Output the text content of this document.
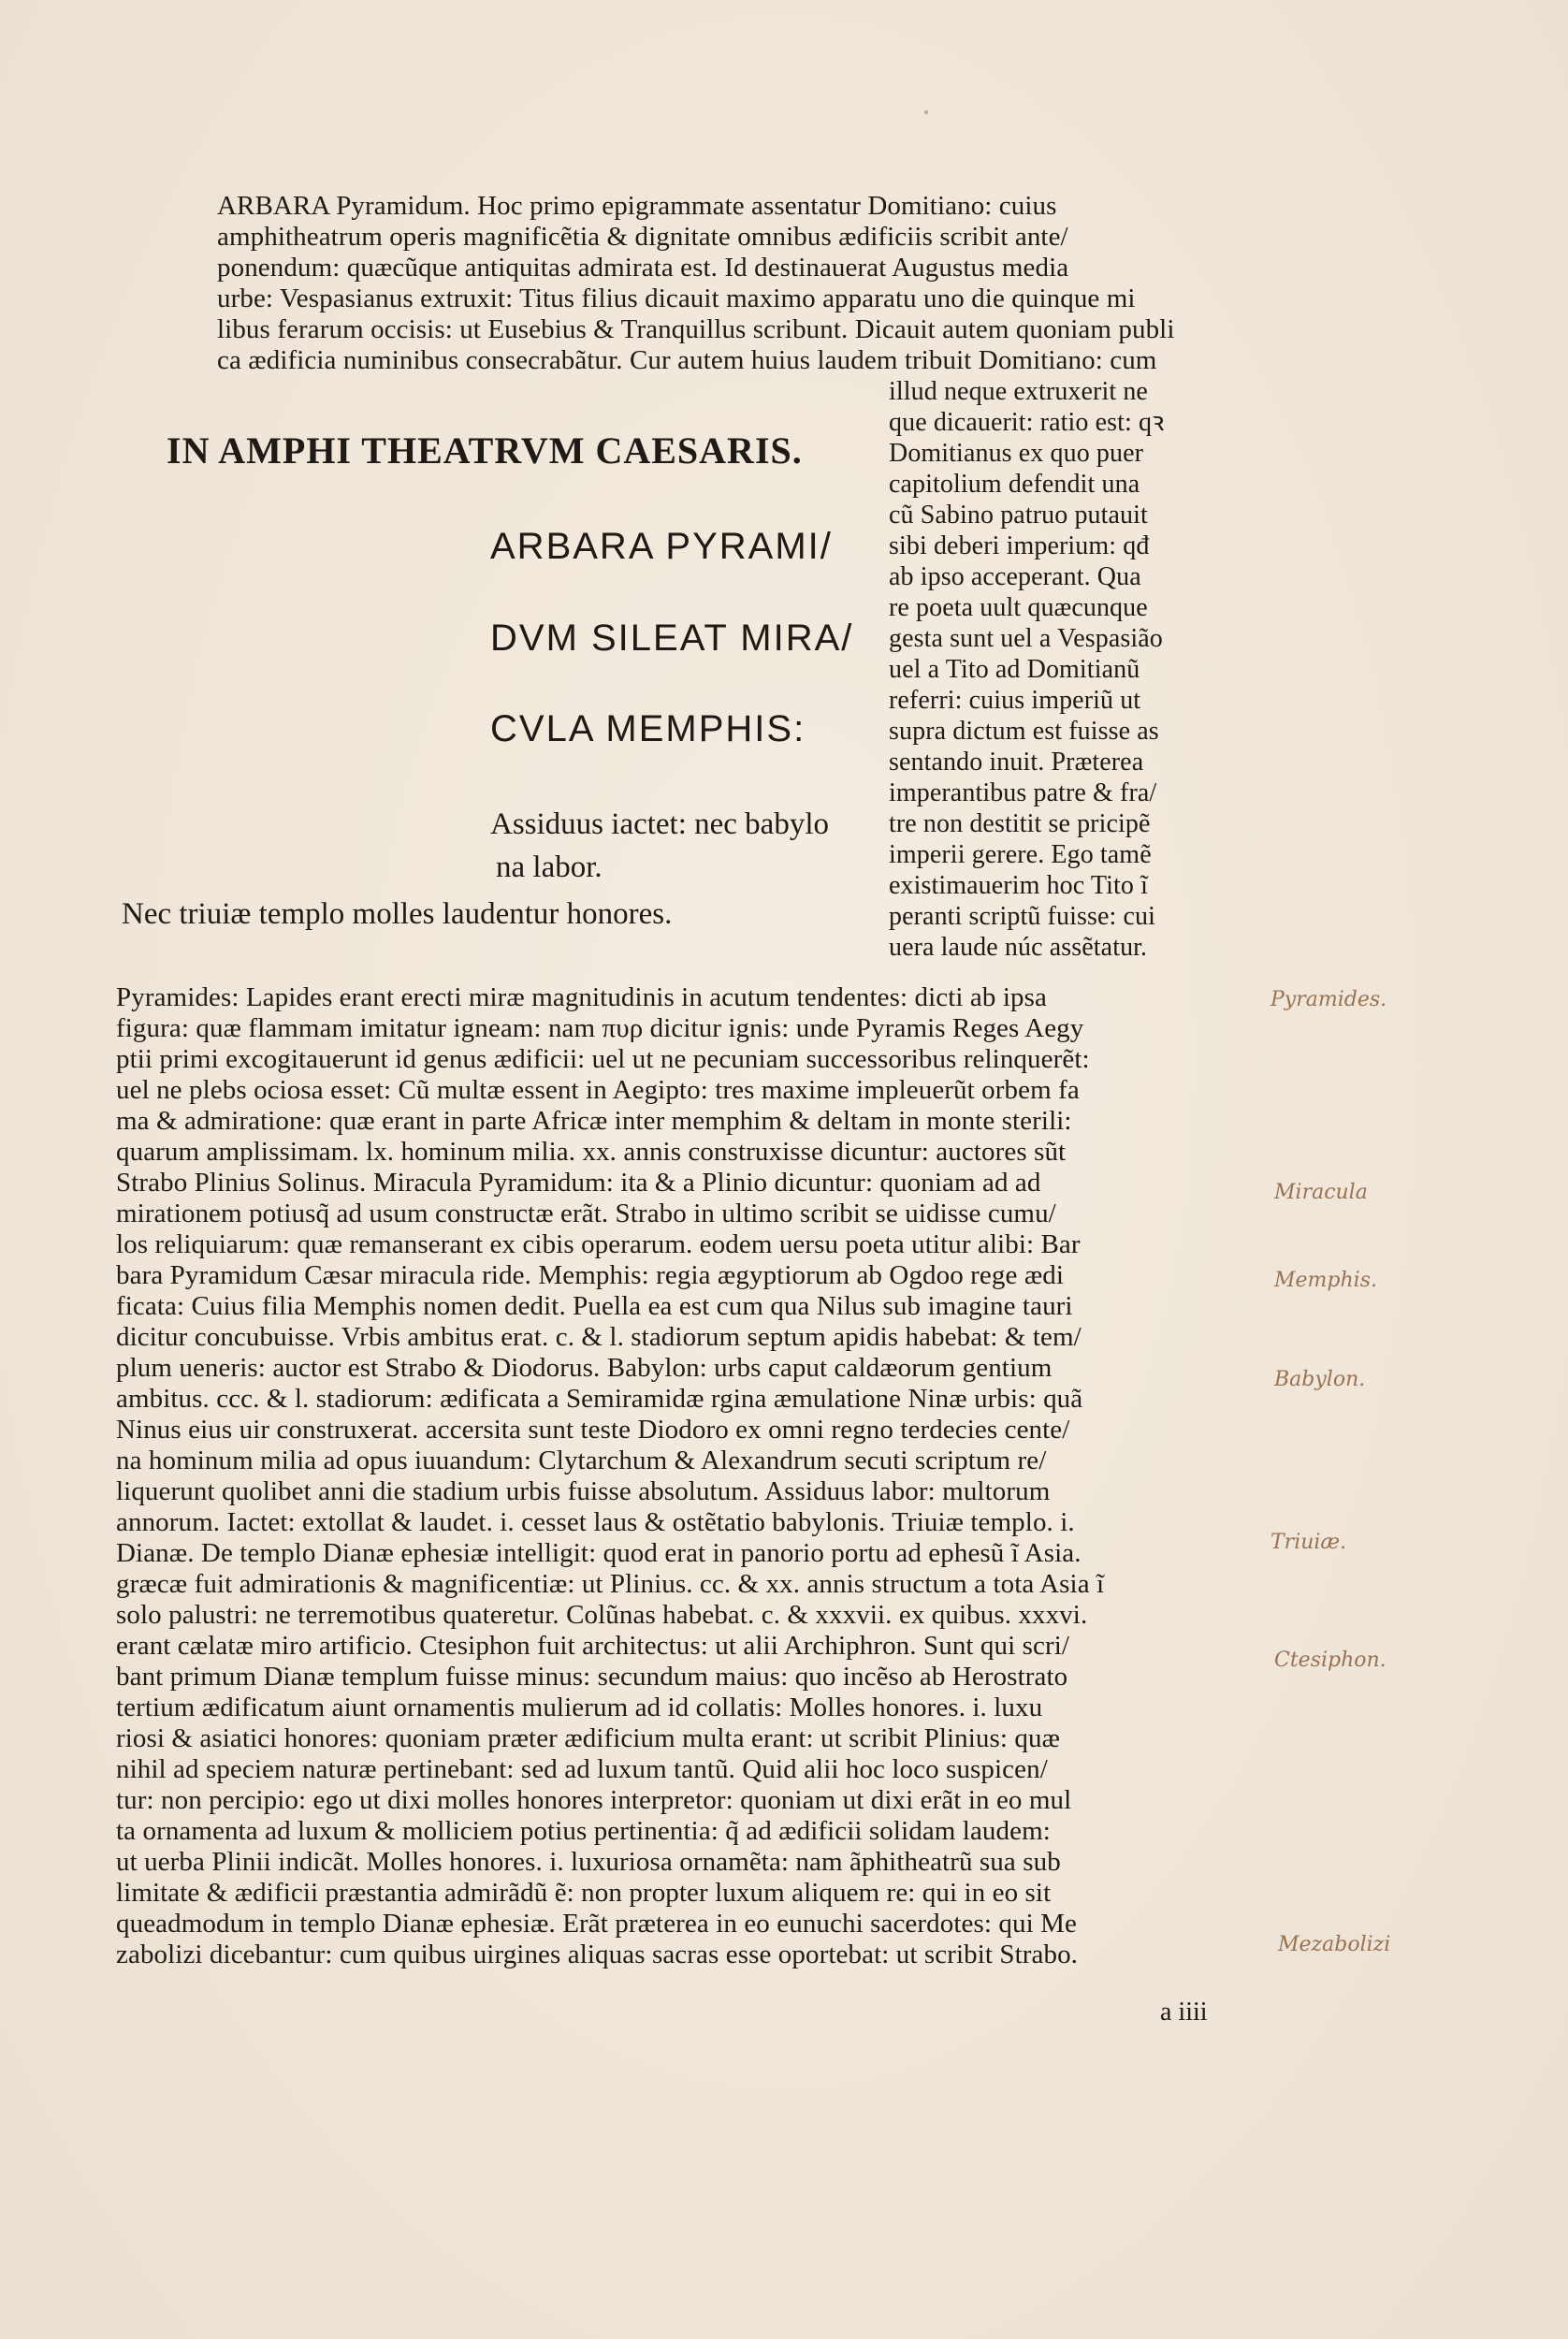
ARBARA Pyramidum. Hoc primo epigrammate assentatur Domitiano: cuius

amphitheatrum operis magnificẽtia & dignitate omnibus ædificiis scribit ante/

ponendum: quæcũque antiquitas admirata est. Id destinauerat Augustus media

urbe: Vespasianus extruxit: Titus filius dicauit maximo apparatu uno die quinque mi

libus ferarum occisis: ut Eusebius & Tranquillus scribunt. Dicauit autem quoniam publi

ca ædificia numinibus consecrabãtur. Cur autem huius laudem tribuit Domitiano: cum

IN AMPHI THEATRVM CAESARIS.

ARBARA PYRAMI/

DVM SILEAT MIRA/

CVLA MEMPHIS:

Assiduus iactet: nec babylo

na labor.

Nec triuiæ templo molles laudentur honores.

illud neque extruxerit ne

que dicauerit: ratio est: qꝛ

Domitianus ex quo puer

capitolium defendit una

cũ Sabino patruo putauit

sibi deberi imperium: qđ

ab ipso acceperant. Qua

re poeta uult quæcunque

gesta sunt uel a Vespasião

uel a Tito ad Domitianũ

referri: cuius imperiũ ut

supra dictum est fuisse as

sentando inuit. Præterea

imperantibus patre & fra/

tre non destitit se pricipẽ

imperii gerere. Ego tamẽ

existimauerim hoc Tito ĩ

peranti scriptũ fuisse: cui

uera laude núc assẽtatur.

Pyramides: Lapides erant erecti miræ magnitudinis in acutum tendentes: dicti ab ipsa

figura: quæ flammam imitatur igneam: nam πυρ dicitur ignis: unde Pyramis Reges Aegy

ptii primi excogitauerunt id genus ædificii: uel ut ne pecuniam successoribus relinquerẽt:

uel ne plebs ociosa esset: Cũ multæ essent in Aegipto: tres maxime impleuerũt orbem fa

ma & admiratione: quæ erant in parte Africæ inter memphim & deltam in monte sterili:

quarum amplissimam. lx. hominum milia. xx. annis construxisse dicuntur: auctores sũt

Strabo Plinius Solinus. Miracula Pyramidum: ita & a Plinio dicuntur: quoniam ad ad

mirationem potiusq̃ ad usum constructæ erãt. Strabo in ultimo scribit se uidisse cumu/

los reliquiarum: quæ remanserant ex cibis operarum. eodem uersu poeta utitur alibi: Bar

bara Pyramidum Cæsar miracula ride. Memphis: regia ægyptiorum ab Ogdoo rege ædi

ficata: Cuius filia Memphis nomen dedit. Puella ea est cum qua Nilus sub imagine tauri

dicitur concubuisse. Vrbis ambitus erat. c. & l. stadiorum septum apidis habebat: & tem/

plum ueneris: auctor est Strabo & Diodorus. Babylon: urbs caput caldæorum gentium

ambitus. ccc. & l. stadiorum: ædificata a Semiramidæ rgina æmulatione Ninæ urbis: quã

Ninus eius uir construxerat. accersita sunt teste Diodoro ex omni regno terdecies cente/

na hominum milia ad opus iuuandum: Clytarchum & Alexandrum secuti scriptum re/

liquerunt quolibet anni die stadium urbis fuisse absolutum. Assiduus labor: multorum

annorum. Iactet: extollat & laudet. i. cesset laus & ostẽtatio babylonis. Triuiæ templo. i.

Dianæ. De templo Dianæ ephesiæ intelligit: quod erat in panorio portu ad ephesũ ĩ Asia.

græcæ fuit admirationis & magnificentiæ: ut Plinius. cc. & xx. annis structum a tota Asia ĩ

solo palustri: ne terremotibus quateretur. Colũnas habebat. c. & xxxvii. ex quibus. xxxvi.

erant cælatæ miro artificio. Ctesiphon fuit architectus: ut alii Archiphron. Sunt qui scri/

bant primum Dianæ templum fuisse minus: secundum maius: quo incẽso ab Herostrato

tertium ædificatum aiunt ornamentis mulierum ad id collatis: Molles honores. i. luxu

riosi & asiatici honores: quoniam præter ædificium multa erant: ut scribit Plinius: quæ

nihil ad speciem naturæ pertinebant: sed ad luxum tantũ. Quid alii hoc loco suspicen/

tur: non percipio: ego ut dixi molles honores interpretor: quoniam ut dixi erãt in eo mul

ta ornamenta ad luxum & molliciem potius pertinentia: q̃ ad ædificii solidam laudem:

ut uerba Plinii indicãt. Molles honores. i. luxuriosa ornamẽta: nam ãphitheatrũ sua sub

limitate & ædificii præstantia admirãdũ ẽ: non propter luxum aliquem re: qui in eo sit

queadmodum in templo Dianæ ephesiæ. Erãt præterea in eo eunuchi sacerdotes: qui Me

zabolizi dicebantur: cum quibus uirgines aliquas sacras esse oportebat: ut scribit Strabo.

a iiii

Pyramides.

Miracula

Memphis.

Babylon.

Triuiæ.

Ctesiphon.

Mezabolizi
